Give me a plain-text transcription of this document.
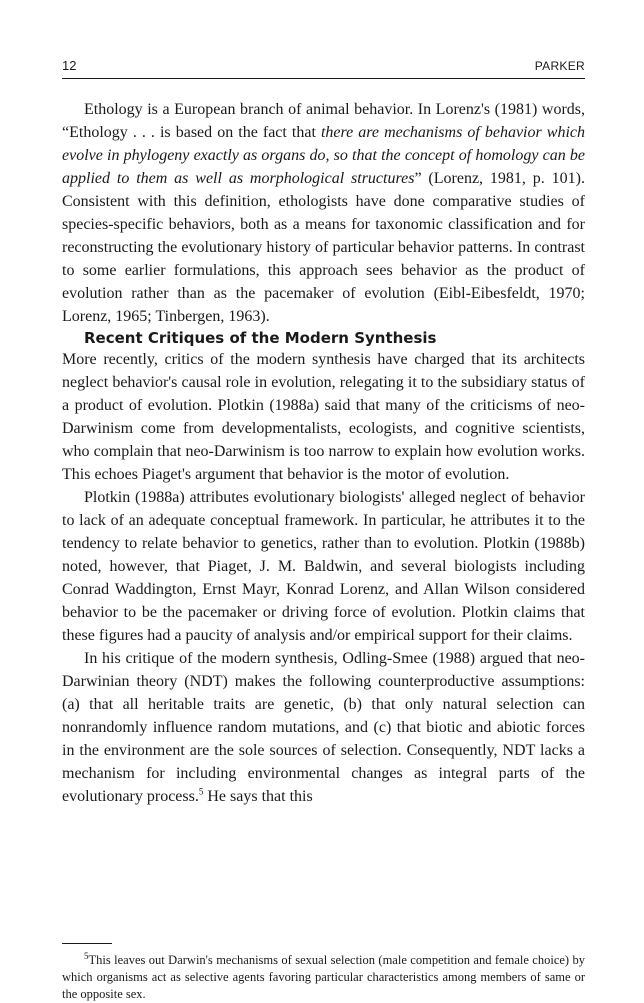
12	PARKER

Ethology is a European branch of animal behavior. In Lorenz's (1981) words, “Ethology . . . is based on the fact that there are mechanisms of behavior which evolve in phylogeny exactly as organs do, so that the concept of homology can be applied to them as well as morphological structures” (Lorenz, 1981, p. 101). Consistent with this definition, ethologists have done comparative studies of species-specific behaviors, both as a means for taxonomic classification and for reconstructing the evolutionary history of particular behavior patterns. In contrast to some earlier formulations, this approach sees behavior as the product of evolution rather than as the pacemaker of evolution (Eibl-Eibesfeldt, 1970; Lorenz, 1965; Tinbergen, 1963).

Recent Critiques of the Modern Synthesis

More recently, critics of the modern synthesis have charged that its architects neglect behavior's causal role in evolution, relegating it to the subsidiary status of a product of evolution. Plotkin (1988a) said that many of the criticisms of neo-Darwinism come from developmentalists, ecologists, and cognitive scientists, who complain that neo-Darwinism is too narrow to explain how evolution works. This echoes Piaget's argument that behavior is the motor of evolution.

Plotkin (1988a) attributes evolutionary biologists' alleged neglect of behavior to lack of an adequate conceptual framework. In particular, he attributes it to the tendency to relate behavior to genetics, rather than to evolution. Plotkin (1988b) noted, however, that Piaget, J. M. Baldwin, and several biologists including Conrad Waddington, Ernst Mayr, Konrad Lorenz, and Allan Wilson considered behavior to be the pacemaker or driving force of evolution. Plotkin claims that these figures had a paucity of analysis and/or empirical support for their claims.

In his critique of the modern synthesis, Odling-Smee (1988) argued that neo-Darwinian theory (NDT) makes the following counterproductive assumptions: (a) that all heritable traits are genetic, (b) that only natural selection can nonrandomly influence random mutations, and (c) that biotic and abiotic forces in the environment are the sole sources of selection. Consequently, NDT lacks a mechanism for including environmental changes as integral parts of the evolutionary process.$^5$ He says that this

$^5$This leaves out Darwin's mechanisms of sexual selection (male competition and female choice) by which organisms act as selective agents favoring particular characteristics among members of same or the opposite sex.
